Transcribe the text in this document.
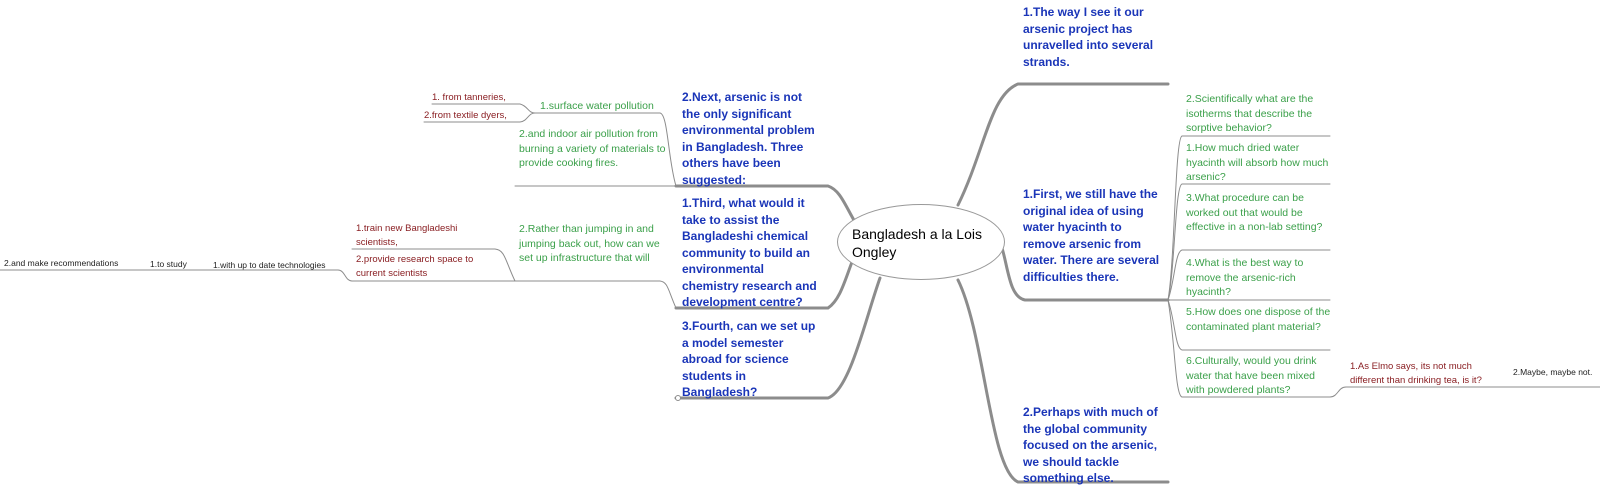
Bangladesh a la Lois Ongley
1.The way I see it our arsenic project has unravelled into several strands.
1.First, we still have the original idea of using water hyacinth to remove arsenic from water. There are several difficulties there.
2.Perhaps with much of the global community focused on the arsenic, we should tackle something else.
2.Scientifically what are the isotherms that describe the sorptive behavior?
1.How much dried water hyacinth will absorb how much arsenic?
3.What procedure can be worked out that would be effective in a non-lab setting?
4.What is the best way to remove the arsenic-rich hyacinth?
5.How does one dispose of the contaminated plant material?
6.Culturally, would you drink water that have been mixed with powdered plants?
1.As Elmo says, its not much different than drinking tea, is it?
2.Maybe, maybe not.
2.Next, arsenic is not the only significant environmental problem in Bangladesh. Three others have been suggested:
1.Third, what would it take to assist the Bangladeshi chemical community to build an environmental chemistry research and development centre?
3.Fourth, can we set up a model semester abroad for science students in Bangladesh?
1.surface water pollution
1. from tanneries,
2.from textile dyers,
2.and indoor air pollution from burning a variety of materials to provide cooking fires.
2.Rather than jumping in and jumping back out, how can we set up infrastructure that will
1.train new Bangladeshi scientists,
2.provide research space to current scientists
1.with up to date technologies
1.to study
2.and make recommendations
